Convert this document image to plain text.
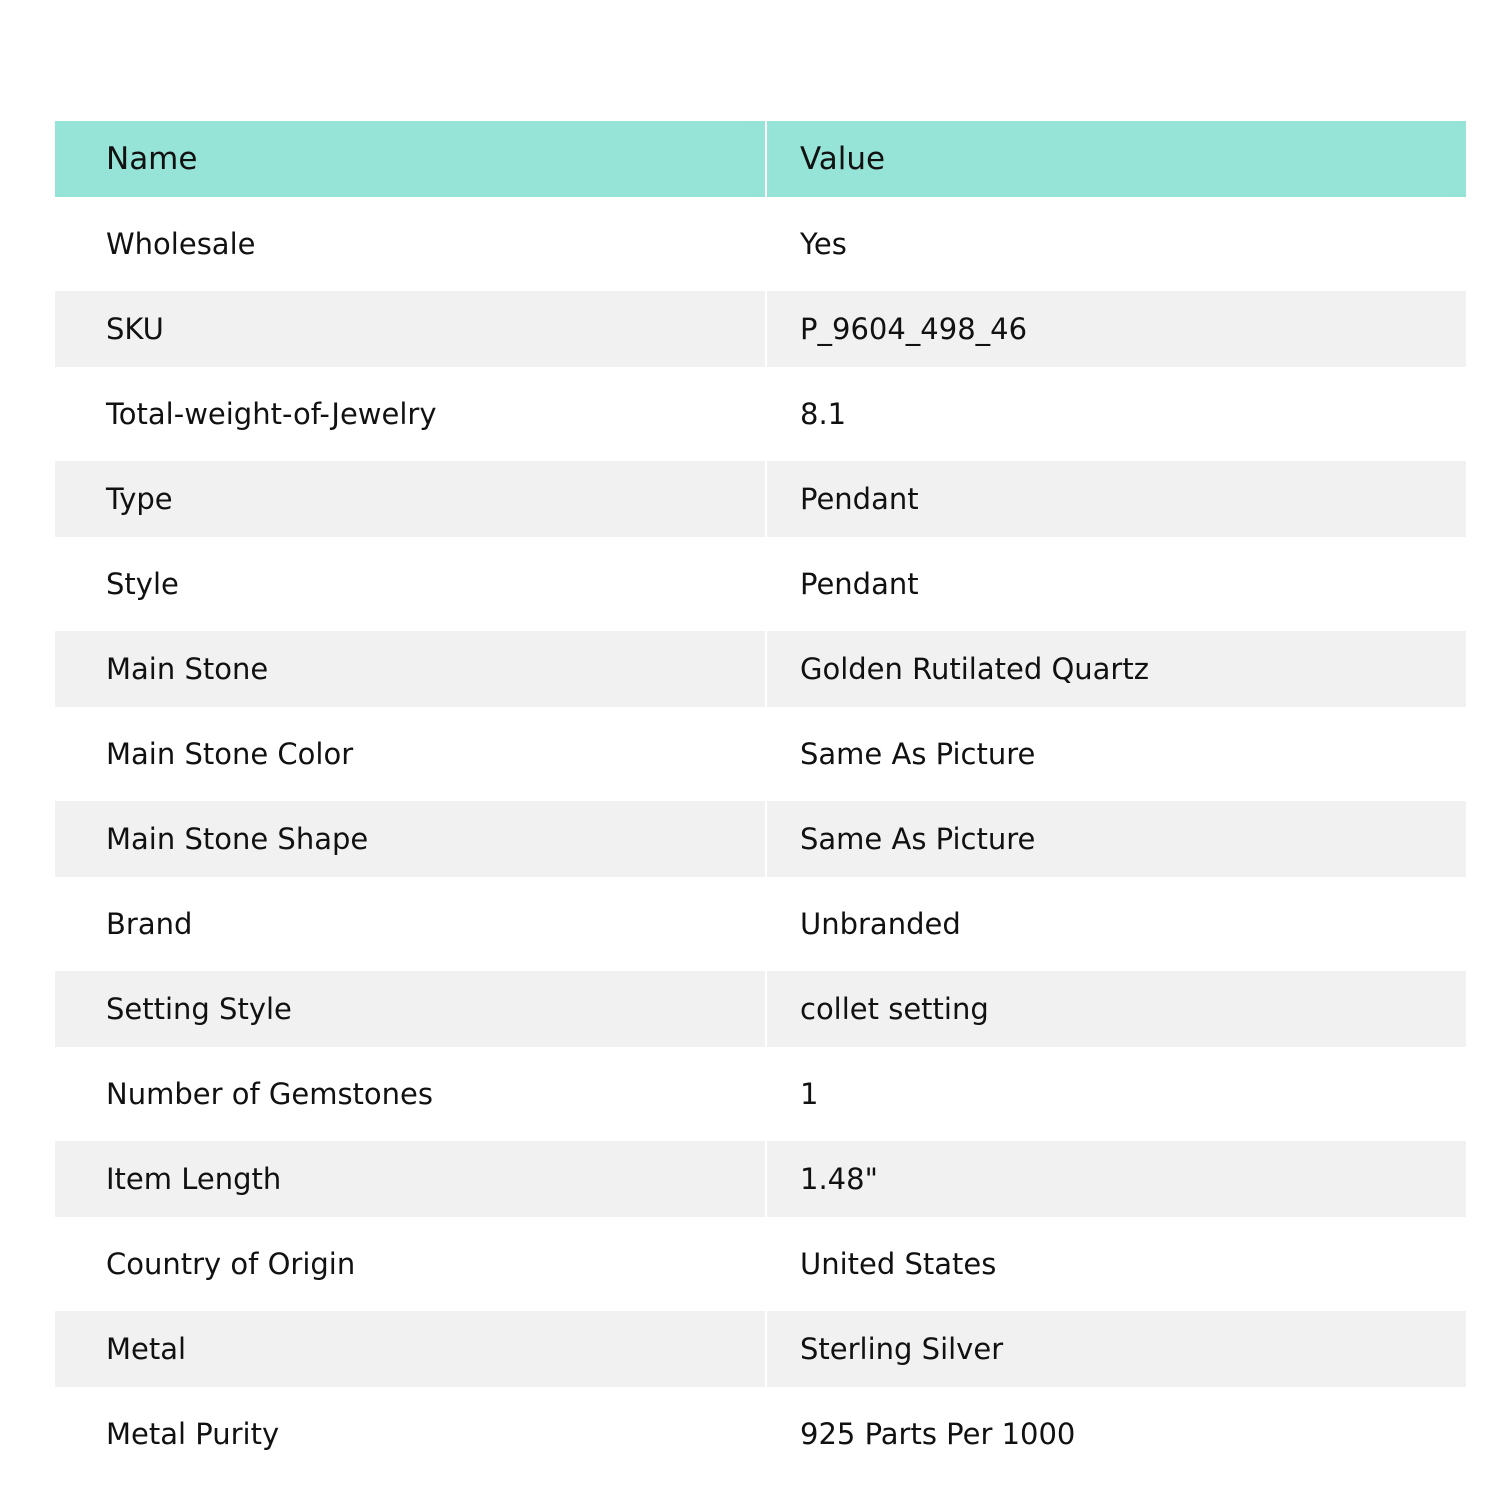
Name	Value
Wholesale	Yes
SKU	P_9604_498_46
Total-weight-of-Jewelry	8.1
Type	Pendant
Style	Pendant
Main Stone	Golden Rutilated Quartz
Main Stone Color	Same As Picture
Main Stone Shape	Same As Picture
Brand	Unbranded
Setting Style	collet setting
Number of Gemstones	1
Item Length	1.48"
Country of Origin	United States
Metal	Sterling Silver
Metal Purity	925 Parts Per 1000
